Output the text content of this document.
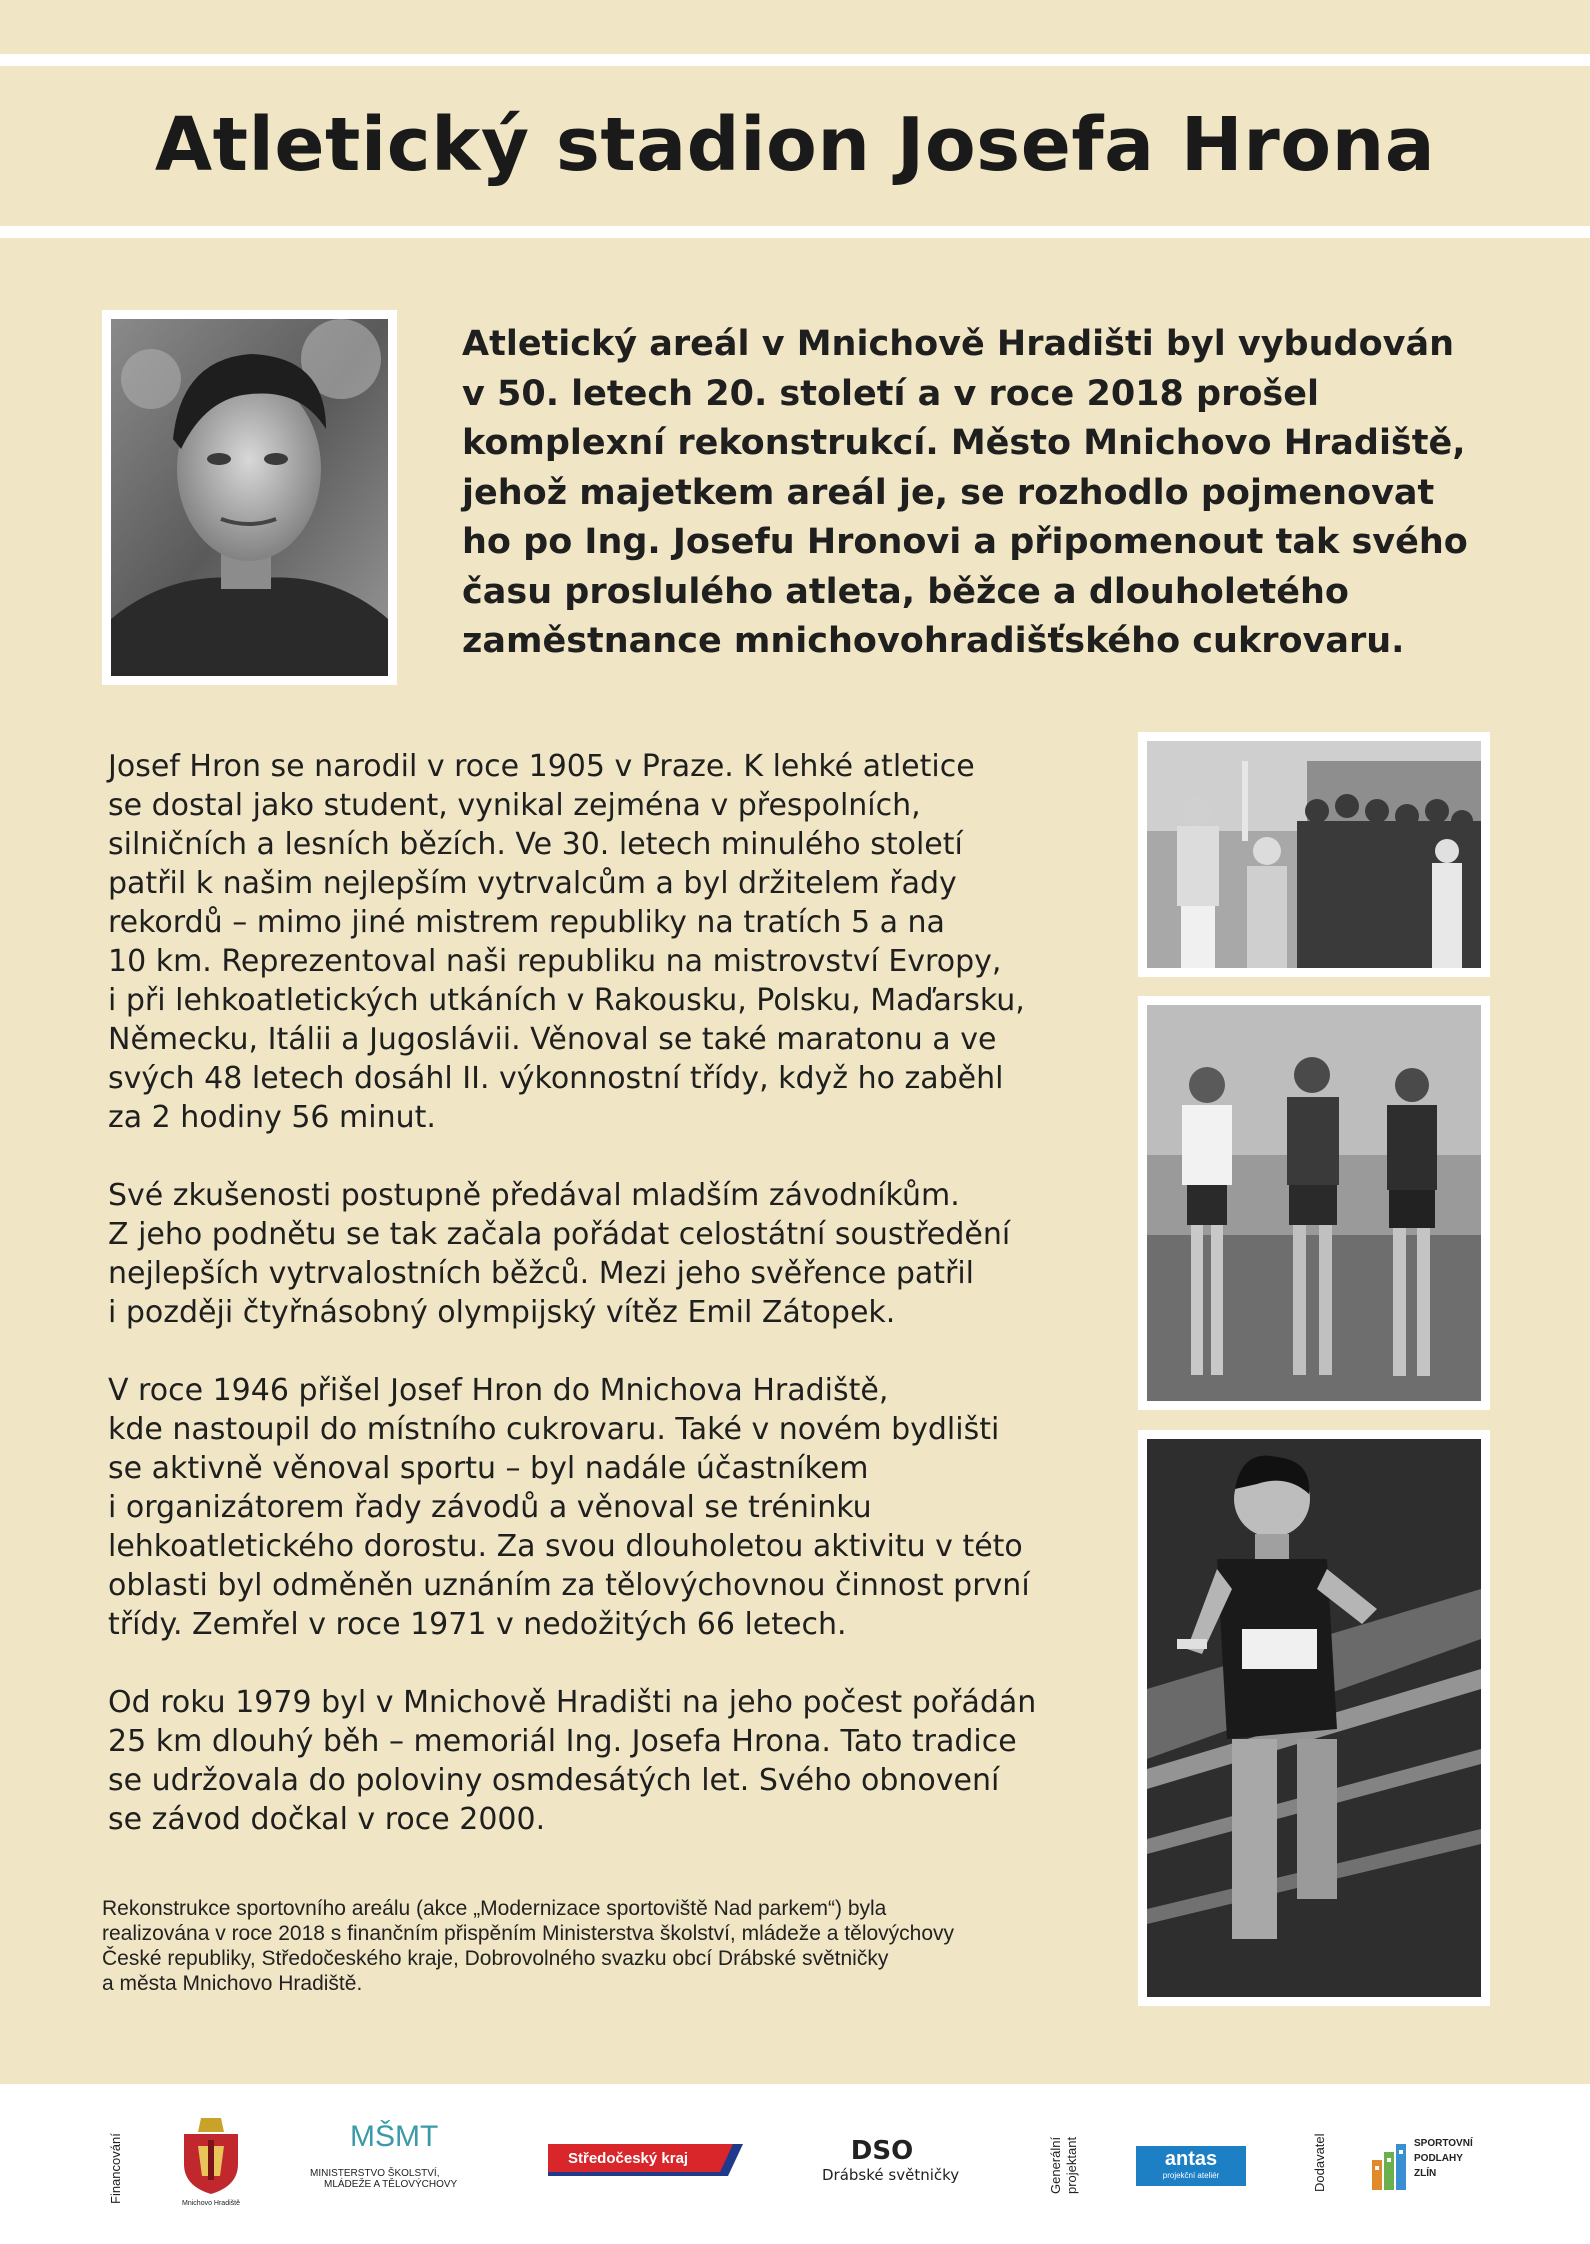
Atletický stadion Josefa Hrona

Atletický areál v Mnichově Hradišti byl vybudován

v 50. letech 20. století a v roce 2018 prošel

komplexní rekonstrukcí. Město Mnichovo Hradiště,

jehož majetkem areál je, se rozhodlo pojmenovat

ho po Ing. Josefu Hronovi a připomenout tak svého

času proslulého atleta, běžce a dlouholetého

zaměstnance mnichovohradišťského cukrovaru.

Josef Hron se narodil v roce 1905 v Praze. K lehké atletice
se dostal jako student, vynikal zejména v přespolních,
silničních a lesních bězích. Ve 30. letech minulého století
patřil k našim nejlepším vytrvalcům a byl držitelem řady
rekordů – mimo jiné mistrem republiky na tratích 5 a na
10 km. Reprezentoval naši republiku na mistrovství Evropy,
i při lehkoatletických utkáních v Rakousku, Polsku, Maďarsku,
Německu, Itálii a Jugoslávii. Věnoval se také maratonu a ve
svých 48 letech dosáhl II. výkonnostní třídy, když ho zaběhl
za 2 hodiny 56 minut.
Své zkušenosti postupně předával mladším závodníkům.
Z jeho podnětu se tak začala pořádat celostátní soustředění
nejlepších vytrvalostních běžců. Mezi jeho svěřence patřil
i později čtyřnásobný olympijský vítěz Emil Zátopek.
V roce 1946 přišel Josef Hron do Mnichova Hradiště,
kde nastoupil do místního cukrovaru. Také v novém bydlišti
se aktivně věnoval sportu – byl nadále účastníkem
i organizátorem řady závodů a věnoval se tréninku
lehkoatletického dorostu. Za svou dlouholetou aktivitu v této
oblasti byl odměněn uznáním za tělovýchovnou činnost první
třídy. Zemřel v roce 1971 v nedožitých 66 letech.
Od roku 1979 byl v Mnichově Hradišti na jeho počest pořádán
25 km dlouhý běh – memoriál Ing. Josefa Hrona. Tato tradice
se udržovala do poloviny osmdesátých let. Svého obnovení
se závod dočkal v roce 2000.
Rekonstrukce sportovního areálu (akce „Modernizace sportoviště Nad parkem“) byla
realizována v roce 2018 s finančním přispěním Ministerstva školství, mládeže a tělovýchovy
České republiky, Středočeského kraje, Dobrovolného svazku obcí Drábské světničky
a města Mnichovo Hradiště.
Financování	Mnichovo Hradiště
MŠMT
MINISTERSTVO ŠKOLSTVÍ,
MLÁDEŽE A TĚLOVÝCHOVY
Středočeský kraj	DSO
Drábské světničky	Generální projektant	antas
projekční ateliér	Dodavatel	SPORTOVNÍ
PODLAHY
ZLÍN
